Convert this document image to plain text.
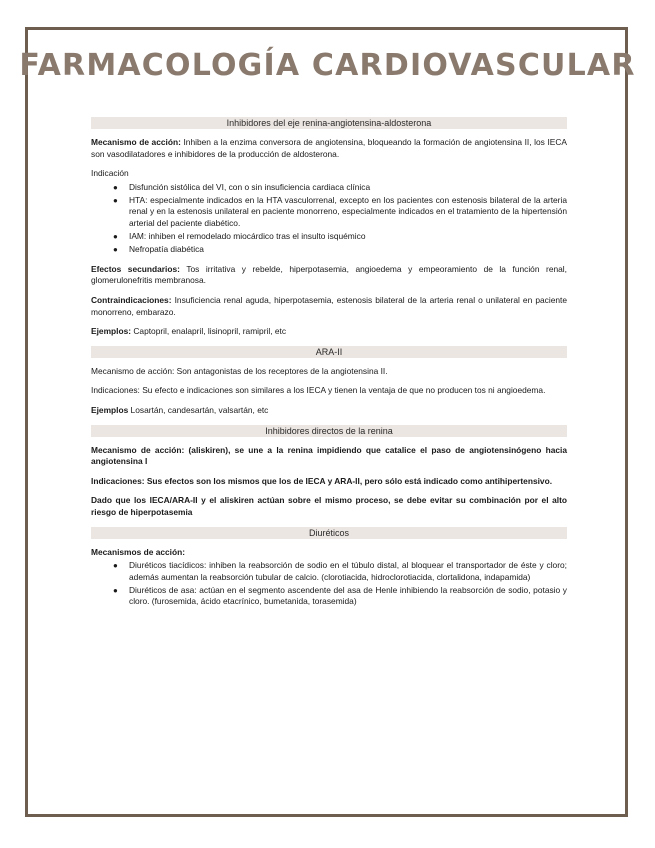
FARMACOLOGÍA CARDIOVASCULAR
Inhibidores del eje renina-angiotensina-aldosterona

Mecanismo de acción: Inhiben a la enzima conversora de angiotensina, bloqueando la formación de angiotensina II, los IECA son vasodilatadores e inhibidores de la producción de aldosterona.

Indicación
● Disfunción sistólica del VI, con o sin insuficiencia cardiaca clínica
● HTA: especialmente indicados en la HTA vasculorrenal, excepto en los pacientes con estenosis bilateral de la arteria renal y en la estenosis unilateral en paciente monorreno, especialmente indicados en el tratamiento de la hipertensión arterial del paciente diabético.
● IAM: inhiben el remodelado miocárdico tras el insulto isquémico
● Nefropatía diabética

Efectos secundarios: Tos irritativa y rebelde, hiperpotasemia, angioedema y empeoramiento de la función renal, glomerulonefritis membranosa.

Contraindicaciones: Insuficiencia renal aguda, hiperpotasemia, estenosis bilateral de la arteria renal o unilateral en paciente monorreno, embarazo.

Ejemplos: Captopril, enalapril, lisinopril, ramipril, etc

ARA-II

Mecanismo de acción: Son antagonistas de los receptores de la angiotensina II.

Indicaciones: Su efecto e indicaciones son similares a los IECA y tienen la ventaja de que no producen tos ni angioedema.

Ejemplos Losartán, candesartán, valsartán, etc

Inhibidores directos de la renina

Mecanismo de acción: (aliskiren), se une a la renina impidiendo que catalice el paso de angiotensinógeno hacia angiotensina I

Indicaciones: Sus efectos son los mismos que los de IECA y ARA-II, pero sólo está indicado como antihipertensivo.

Dado que los IECA/ARA-II y el aliskiren actúan sobre el mismo proceso, se debe evitar su combinación por el alto riesgo de hiperpotasemia

Diuréticos
Mecanismos de acción:
● Diuréticos tiacídicos: inhiben la reabsorción de sodio en el túbulo distal, al bloquear el transportador de éste y cloro; además aumentan la reabsorción tubular de calcio. (clorotiacida, hidroclorotiacida, clortalidona, indapamida)
● Diuréticos de asa: actúan en el segmento ascendente del asa de Henle inhibiendo la reabsorción de sodio, potasio y cloro. (furosemida, ácido etacrínico, bumetanida, torasemida)
